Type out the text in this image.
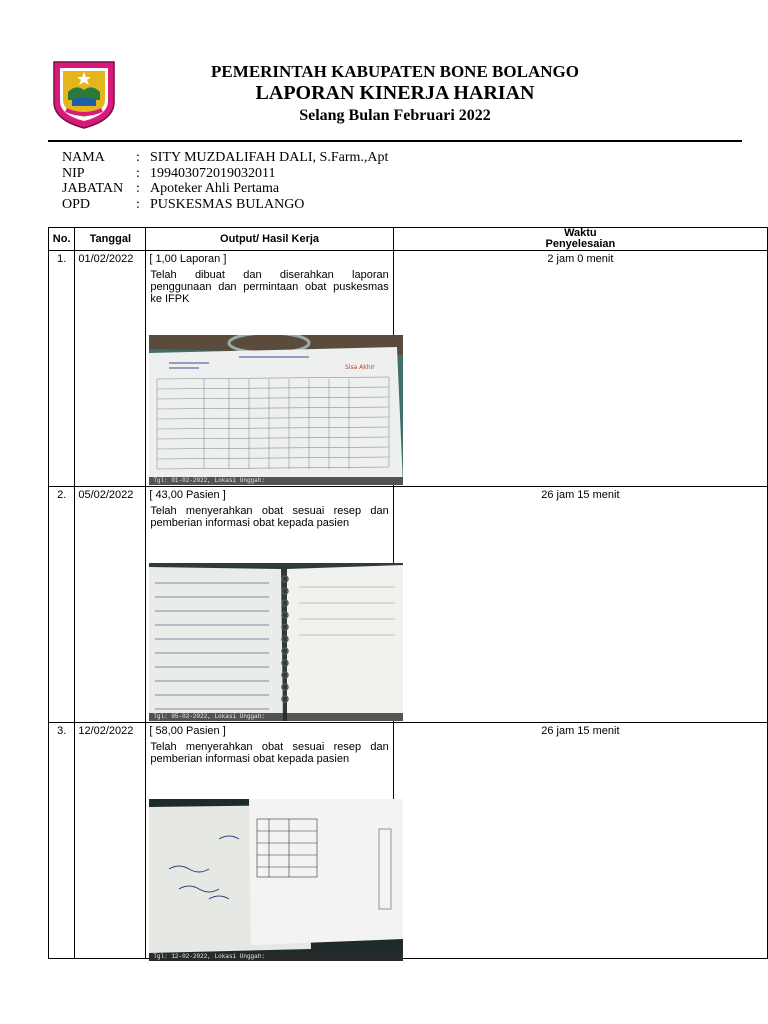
PEMERINTAH KABUPATEN BONE BOLANGO
LAPORAN KINERJA HARIAN
Selang Bulan Februari 2022
NAMA	: SITY MUZDALIFAH DALI, S.Farm.,Apt
NIP	: 199403072019032011
JABATAN : Apoteker Ahli Pertama
OPD	: PUSKESMAS BULANGO
No.	Tanggal	Output/ Hasil Kerja	Waktu
Penyelesaian

1.	01/02/2022	[ 1,00 Laporan ]
Telah dibuat dan diserahkan laporan penggunaan dan permintaan obat puskesmas ke IFPK
Sisa Akhir
Tgl: 01-02-2022, Lokasi Unggah:	2 jam 0 menit
2.	05/02/2022	[ 43,00 Pasien ]
Telah menyerahkan obat sesuai resep dan pemberian informasi obat kepada pasien
Tgl: 05-02-2022, Lokasi Unggah:	26 jam 15 menit
3.	12/02/2022	[ 58,00 Pasien ]
Telah menyerahkan obat sesuai resep dan pemberian informasi obat kepada pasien
Tgl: 12-02-2022, Lokasi Unggah:	26 jam 15 menit
